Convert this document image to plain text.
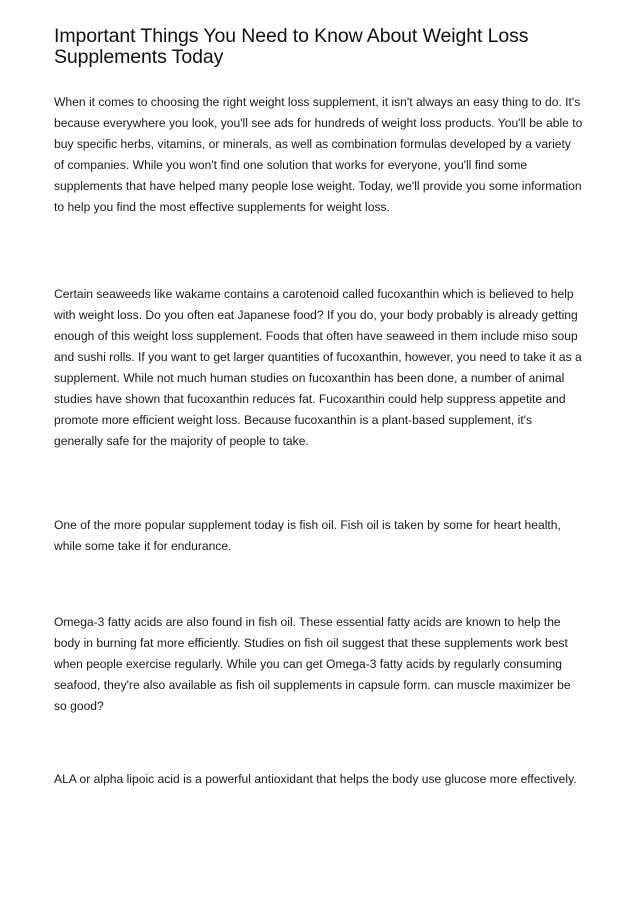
Important Things You Need to Know About Weight Loss Supplements Today

When it comes to choosing the right weight loss supplement, it isn't always an easy thing to do. It's because everywhere you look, you'll see ads for hundreds of weight loss products. You'll be able to buy specific herbs, vitamins, or minerals, as well as combination formulas developed by a variety of companies. While you won't find one solution that works for everyone, you'll find some supplements that have helped many people lose weight. Today, we'll provide you some information to help you find the most effective supplements for weight loss.

Certain seaweeds like wakame contains a carotenoid called fucoxanthin which is believed to help with weight loss. Do you often eat Japanese food? If you do, your body probably is already getting enough of this weight loss supplement. Foods that often have seaweed in them include miso soup and sushi rolls. If you want to get larger quantities of fucoxanthin, however, you need to take it as a supplement. While not much human studies on fucoxanthin has been done, a number of animal studies have shown that fucoxanthin reduces fat. Fucoxanthin could help suppress appetite and promote more efficient weight loss. Because fucoxanthin is a plant-based supplement, it's generally safe for the majority of people to take.

One of the more popular supplement today is fish oil. Fish oil is taken by some for heart health, while some take it for endurance.

Omega-3 fatty acids are also found in fish oil. These essential fatty acids are known to help the body in burning fat more efficiently. Studies on fish oil suggest that these supplements work best when people exercise regularly. While you can get Omega-3 fatty acids by regularly consuming seafood, they're also available as fish oil supplements in capsule form. can muscle maximizer be so good?

ALA or alpha lipoic acid is a powerful antioxidant that helps the body use glucose more effectively.
